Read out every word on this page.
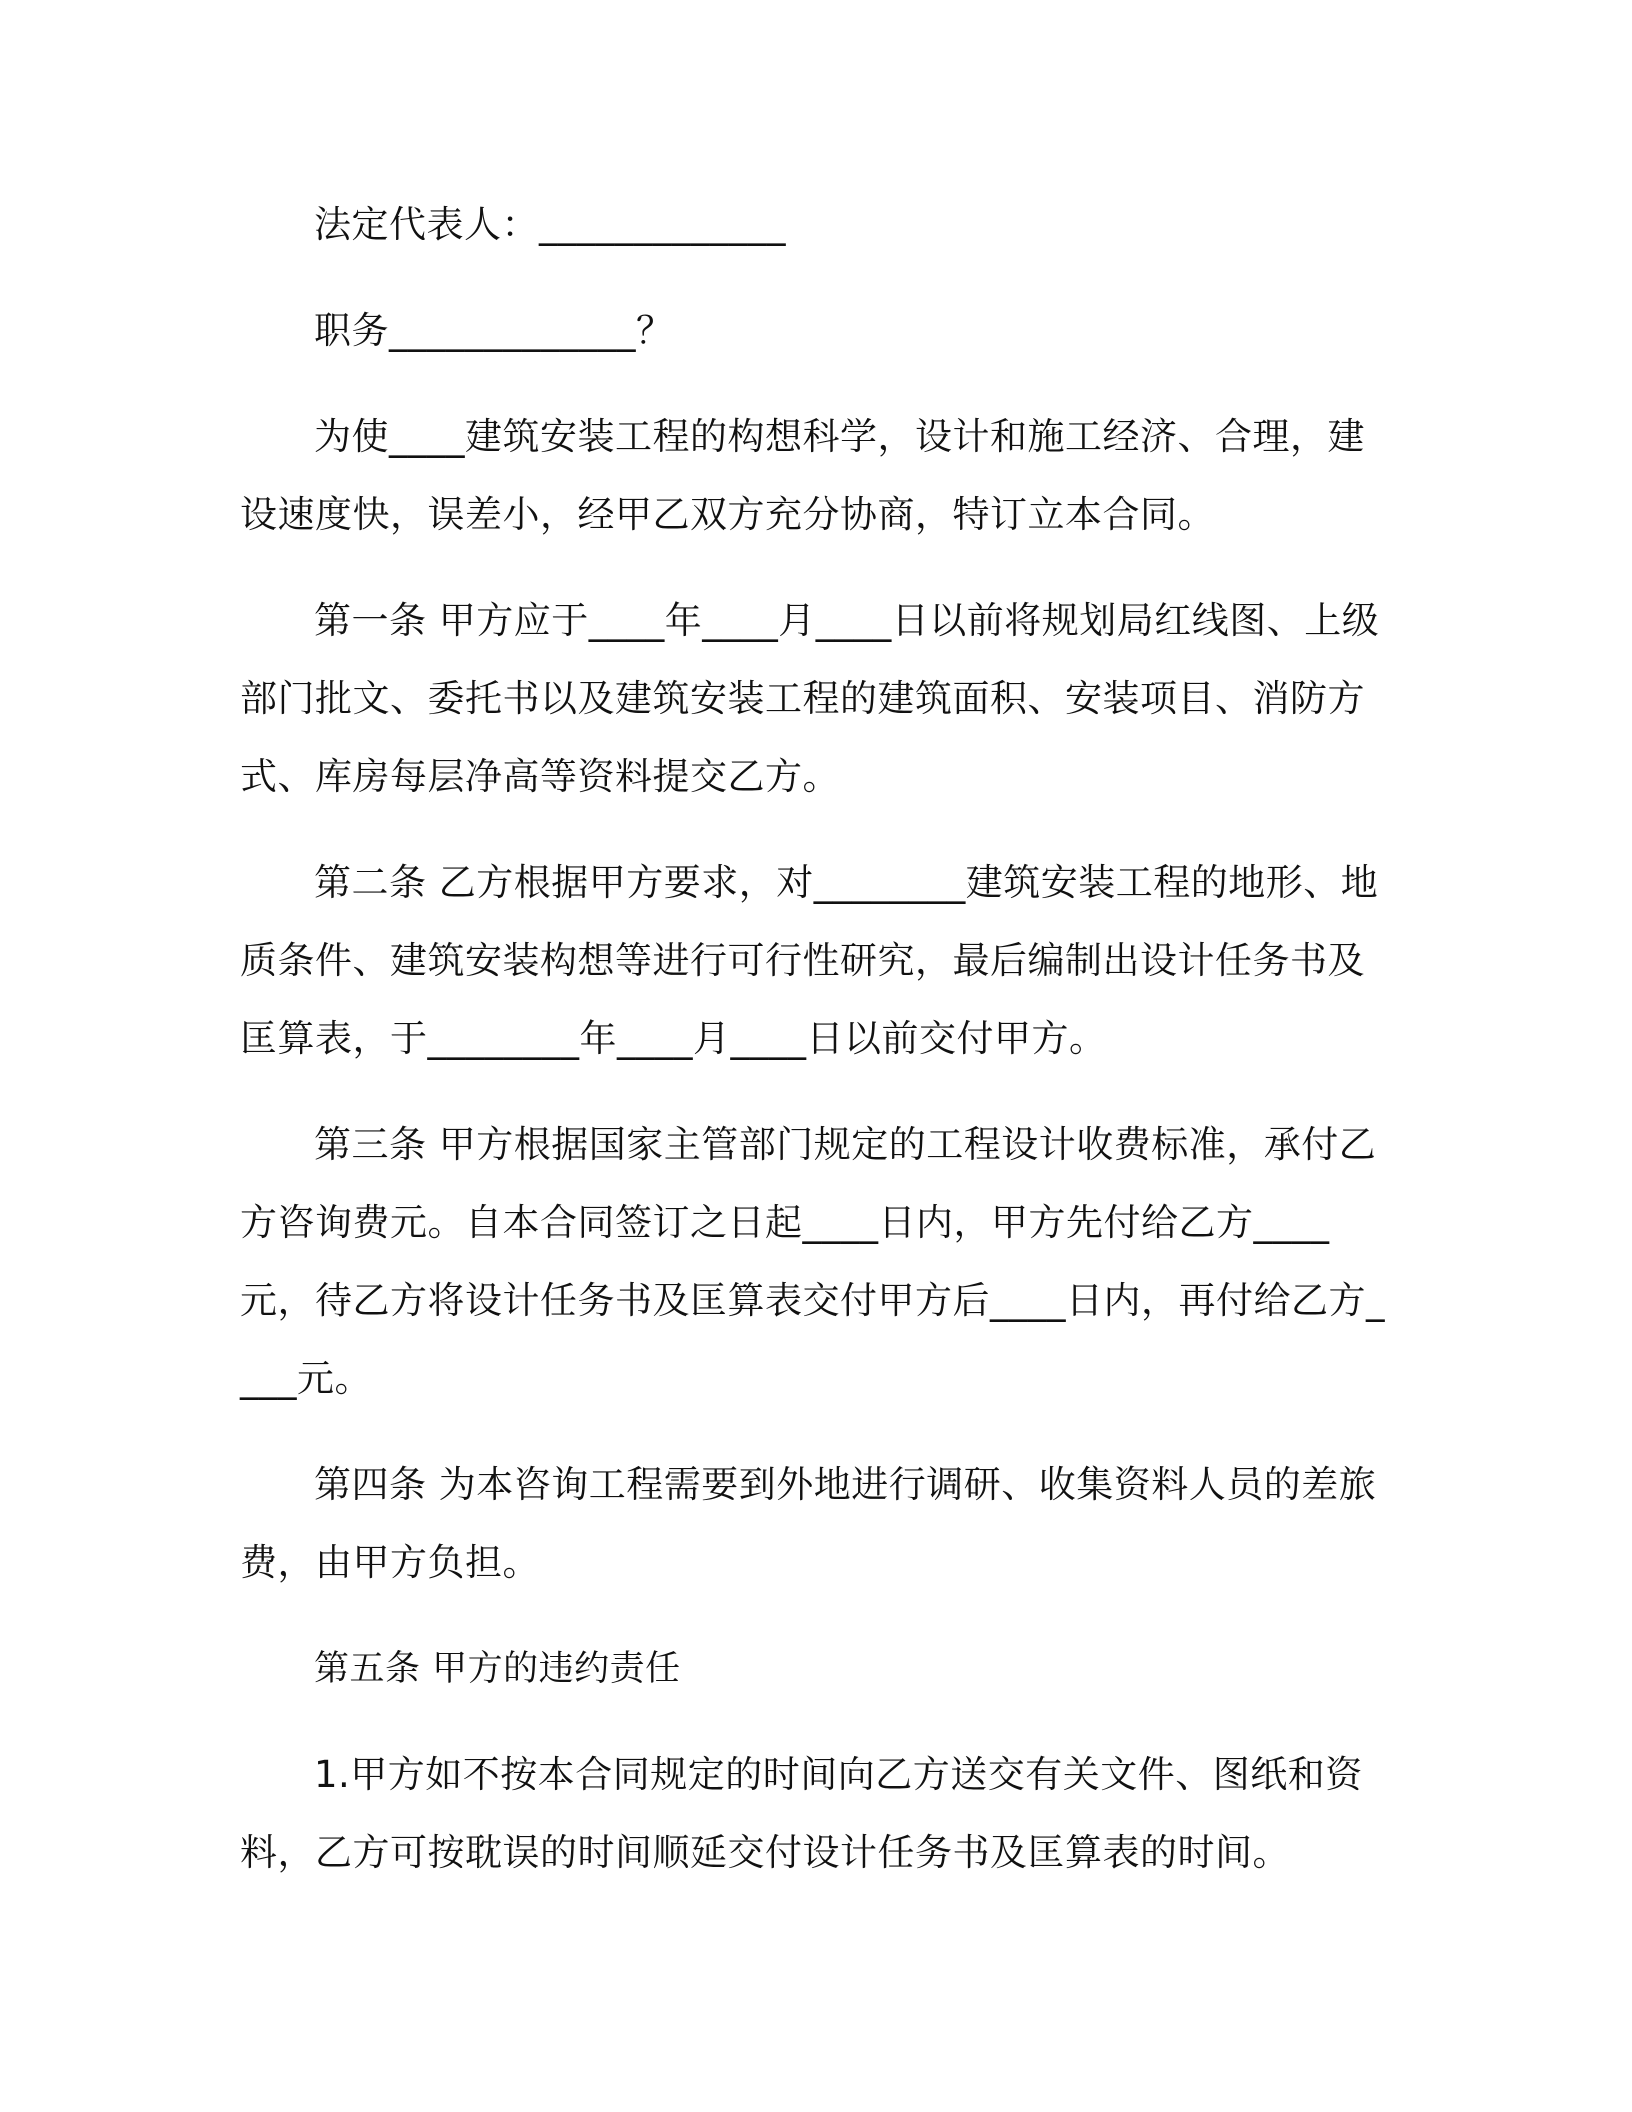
法定代表人：_____________

职务_____________？

为使____建筑安装工程的构想科学，设计和施工经济、合理，建设速度快，误差小，经甲乙双方充分协商，特订立本合同。

第一条 甲方应于____年____月____日以前将规划局红线图、上级部门批文、委托书以及建筑安装工程的建筑面积、安装项目、消防方式、库房每层净高等资料提交乙方。

第二条 乙方根据甲方要求，对________建筑安装工程的地形、地质条件、建筑安装构想等进行可行性研究，最后编制出设计任务书及匡算表，于________年____月____日以前交付甲方。

第三条 甲方根据国家主管部门规定的工程设计收费标准，承付乙方咨询费元。自本合同签订之日起____日内，甲方先付给乙方____元，待乙方将设计任务书及匡算表交付甲方后____日内，再付给乙方____元。

第四条 为本咨询工程需要到外地进行调研、收集资料人员的差旅费，由甲方负担。

第五条 甲方的违约责任

1.甲方如不按本合同规定的时间向乙方送交有关文件、图纸和资料，乙方可按耽误的时间顺延交付设计任务书及匡算表的时间。
